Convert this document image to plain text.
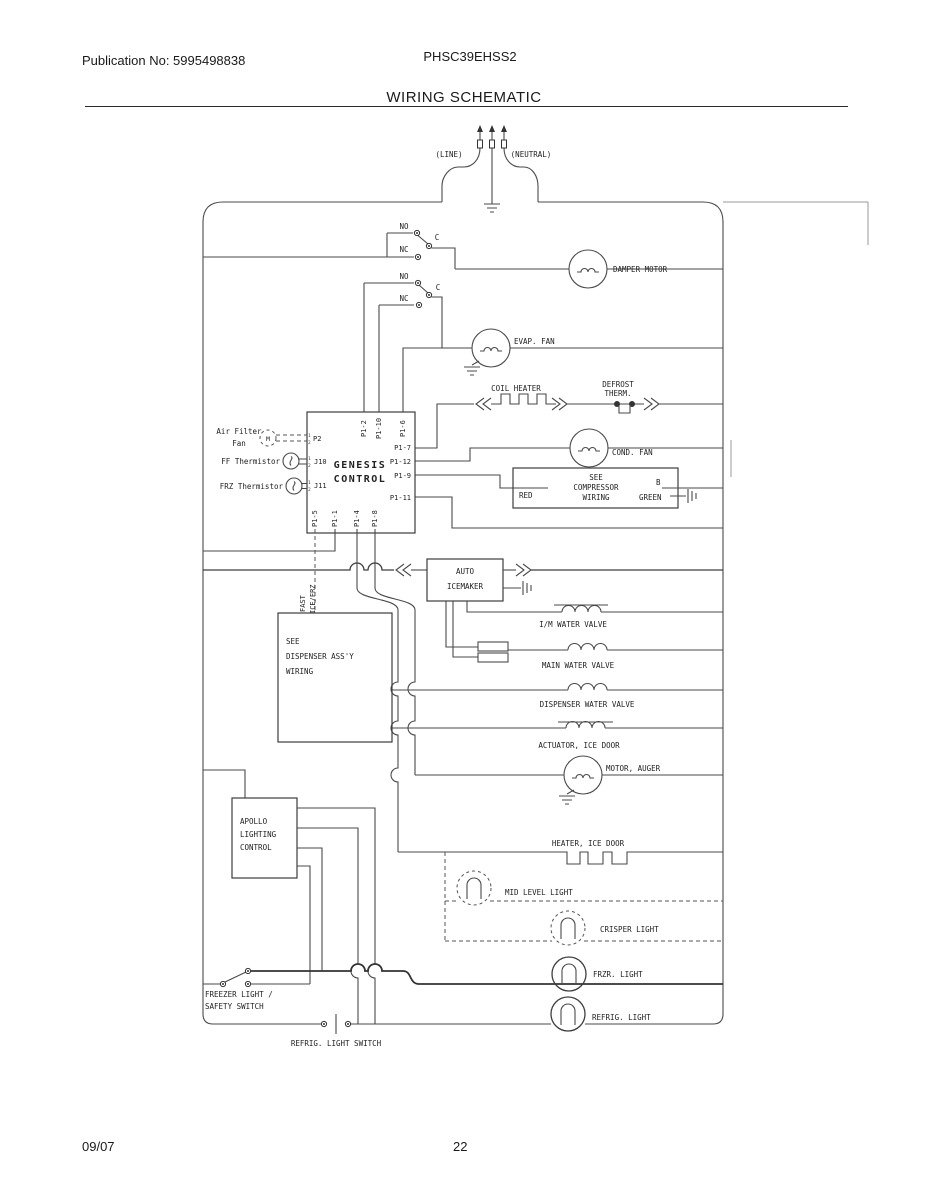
Publication No: 5995498838	PHSC39EHSS2
WIRING SCHEMATIC
(LINE)	(NEUTRAL)
NO
C
NC
NO
C
NC
DAMPER MOTOR
EVAP. FAN
COIL HEATER	DEFROST
THERM.
COND. FAN
SEE
COMPRESSOR
WIRING
RED
B
GREEN
GENESIS
CONTROL
P1-2 P1-10 P1-6
P1-7
P1-12
P1-9
P1-11
P1-5 P1-1 P1-4 P1-8
P2
J10
J11
1
2
1
2
1
2
M
Air Filter
Fan
FF Thermistor
FRZ Thermistor
FAST ICE/FRZ
AUTO
ICEMAKER
I/M WATER VALVE
MAIN WATER VALVE
DISPENSER WATER VALVE
ACTUATOR, ICE DOOR
MOTOR, AUGER
SEE
DISPENSER ASS'Y
WIRING
APOLLO
LIGHTING
CONTROL	HEATER, ICE DOOR
MID LEVEL LIGHT
CRISPER LIGHT
FRZR. LIGHT
FREEZER LIGHT /
SAFETY SWITCH
REFRIG. LIGHT
REFRIG. LIGHT SWITCH
09/07	22
